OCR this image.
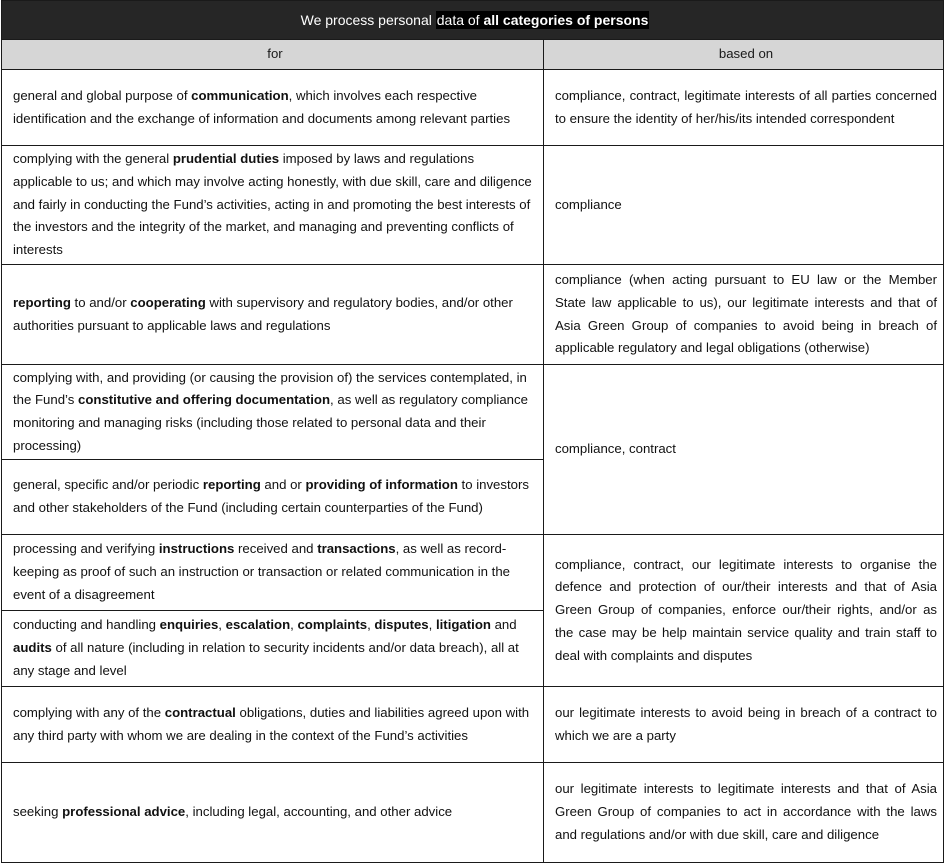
We process personal data of all categories of persons	
for	based on
general and global purpose of communication, which involves each respective identification and the exchange of information and documents among relevant parties	compliance, contract, legitimate interests of all parties concerned to ensure the identity of her/his/its intended correspondent
complying with the general prudential duties imposed by laws and regulations applicable to us; and which may involve acting honestly, with due skill, care and diligence and fairly in conducting the Fund’s activities, acting in and promoting the best interests of the investors and the integrity of the market, and managing and preventing conflicts of interests	compliance
reporting to and/or cooperating with supervisory and regulatory bodies, and/or other authorities pursuant to applicable laws and regulations	compliance (when acting pursuant to EU law or the Member State law applicable to us), our legitimate interests and that of Asia Green Group of companies to avoid being in breach of applicable regulatory and legal obligations (otherwise)
complying with, and providing (or causing the provision of) the services contemplated, in the Fund’s constitutive and offering documentation, as well as regulatory compliance monitoring and managing risks (including those related to personal data and their processing)	compliance, contract
general, specific and/or periodic reporting and or providing of information to investors and other stakeholders of the Fund (including certain counterparties of the Fund)	
processing and verifying instructions received and transactions, as well as record-keeping as proof of such an instruction or transaction or related communication in the event of a disagreement	compliance, contract, our legitimate interests to organise the defence and protection of our/their interests and that of Asia Green Group of companies, enforce our/their rights, and/or as the case may be help maintain service quality and train staff to deal with complaints and disputes
conducting and handling enquiries, escalation, complaints, disputes, litigation and audits of all nature (including in relation to security incidents and/or data breach), all at any stage and level	
complying with any of the contractual obligations, duties and liabilities agreed upon with any third party with whom we are dealing in the context of the Fund’s activities	our legitimate interests to avoid being in breach of a contract to which we are a party
seeking professional advice, including legal, accounting, and other advice	our legitimate interests to legitimate interests and that of Asia Green Group of companies to act in accordance with the laws and regulations and/or with due skill, care and diligence
